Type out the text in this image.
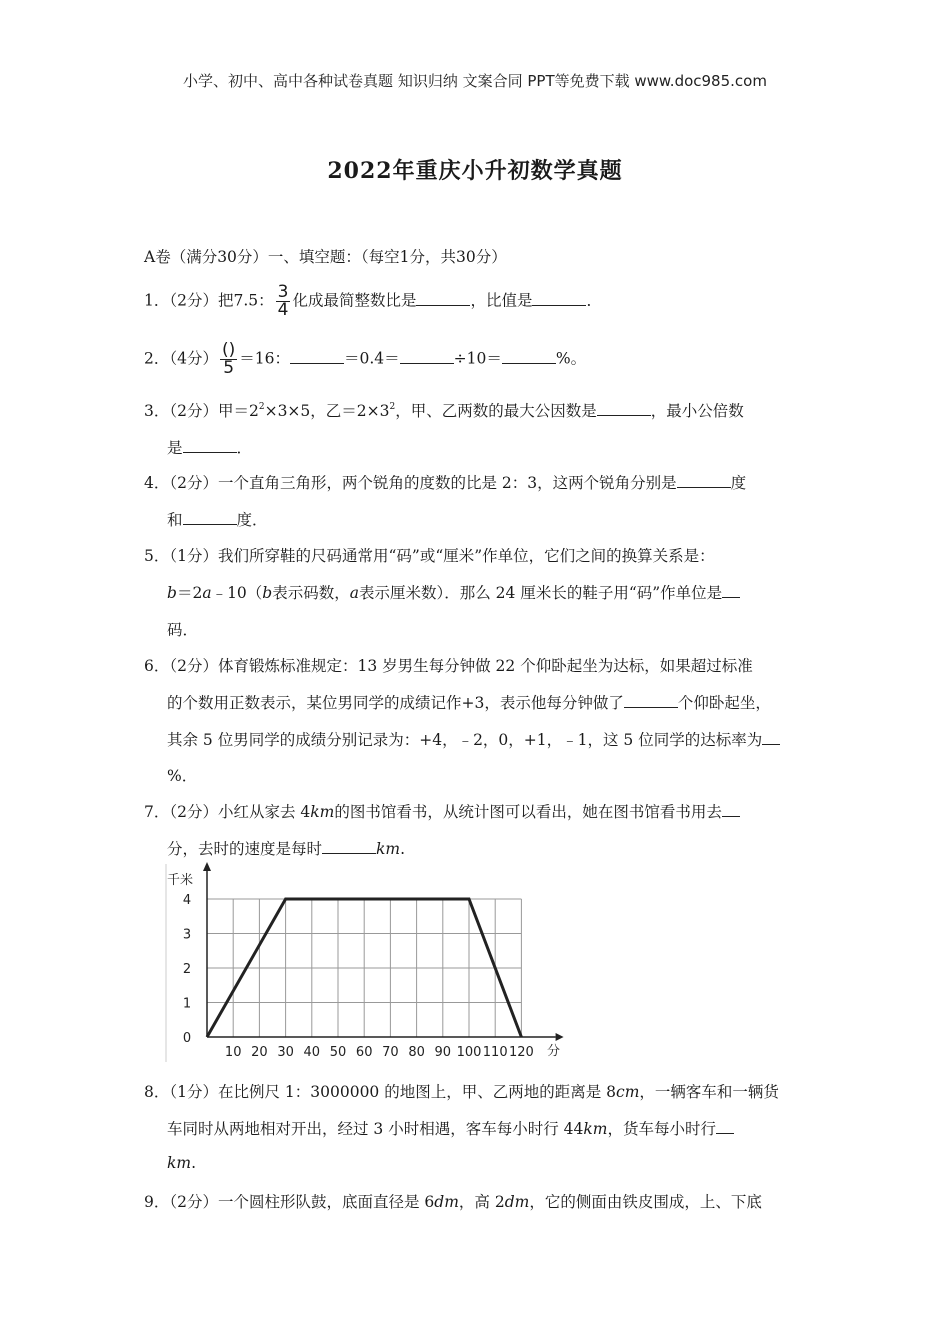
小学、初中、高中各种试卷真题 知识归纳 文案合同 PPT等免费下载 www.doc985.com
2022年重庆小升初数学真题
A卷（满分30分）一、填空题：（每空1分，共30分）
1．（2分）把7.5： $\frac{3}{4}$ 化成最简整数比是	，比值是	．
2．（4分） $\frac{()}{5} =16$：	＝0.4＝	÷10＝	%。
3．（2分）甲$=2^2\times 3\times 5$，乙$=2\times 3^2$，甲、乙两数的最大公因数是	，最小公倍数
是	．
4．（2分）一个直角三角形，两个锐角的度数的比是 2：3，这两个锐角分别是	度
和	度．
5．（1分）我们所穿鞋的尺码通常用“码”或“厘米”作单位，它们之间的换算关系是：
b＝2a﹣10（b表示码数，a表示厘米数）．那么 24 厘米长的鞋子用“码”作单位是
码．
6．（2分）体育锻炼标准规定：13 岁男生每分钟做 22 个仰卧起坐为达标，如果超过标准
的个数用正数表示，某位男同学的成绩记作+3，表示他每分钟做了	个仰卧起坐，
其余 5 位男同学的成绩分别记录为：+4，﹣2，0，+1，﹣1，这 5 位同学的达标率为
%．
7．（2分）小红从家去 4km的图书馆看书，从统计图可以看出，她在图书馆看书用去
分，去时的速度是每时	km.
10 20 30 40 50 60 70 80 90 100 110 120
0
1
2
3
4
千米
分
8．（1分）在比例尺 1：3000000 的地图上，甲、乙两地的距离是 8cm，一辆客车和一辆货
车同时从两地相对开出，经过 3 小时相遇，客车每小时行 44km，货车每小时行
km.
9．（2分）一个圆柱形队鼓，底面直径是 6dm，高 2dm，它的侧面由铁皮围成，上、下底
